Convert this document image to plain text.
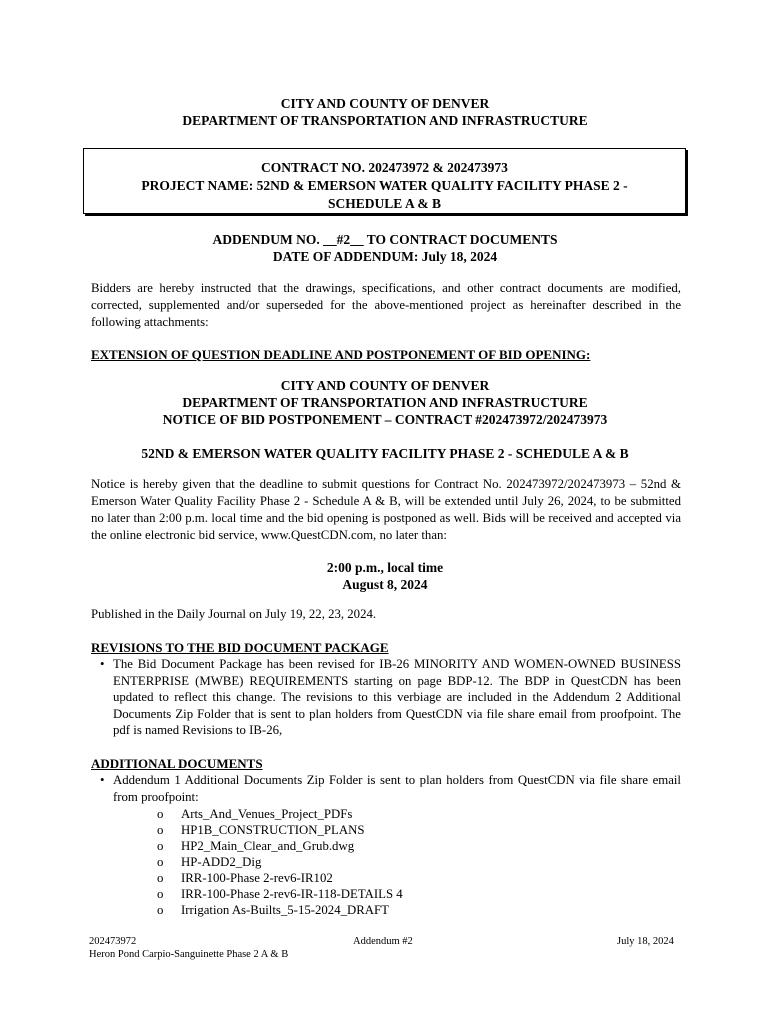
CITY AND COUNTY OF DENVER
DEPARTMENT OF TRANSPORTATION AND INFRASTRUCTURE
CONTRACT NO. 202473972 & 202473973
PROJECT NAME: 52ND & EMERSON WATER QUALITY FACILITY PHASE 2 -
SCHEDULE A & B
ADDENDUM NO. __#2__ TO CONTRACT DOCUMENTS
DATE OF ADDENDUM: July 18, 2024
Bidders are hereby instructed that the drawings, specifications, and other contract documents are modified, corrected, supplemented and/or superseded for the above-mentioned project as hereinafter described in the following attachments:
EXTENSION OF QUESTION DEADLINE AND POSTPONEMENT OF BID OPENING:
CITY AND COUNTY OF DENVER
DEPARTMENT OF TRANSPORTATION AND INFRASTRUCTURE
NOTICE OF BID POSTPONEMENT – CONTRACT #202473972/202473973
52ND & EMERSON WATER QUALITY FACILITY PHASE 2 - SCHEDULE A & B
Notice is hereby given that the deadline to submit questions for Contract No. 202473972/202473973 – 52nd & Emerson Water Quality Facility Phase 2 - Schedule A & B, will be extended until July 26, 2024, to be submitted no later than 2:00 p.m. local time and the bid opening is postponed as well. Bids will be received and accepted via the online electronic bid service, www.QuestCDN.com, no later than:
2:00 p.m., local time
August 8, 2024
Published in the Daily Journal on July 19, 22, 23, 2024.
REVISIONS TO THE BID DOCUMENT PACKAGE
• The Bid Document Package has been revised for IB-26 MINORITY AND WOMEN-OWNED BUSINESS ENTERPRISE (MWBE) REQUIREMENTS starting on page BDP-12. The BDP in QuestCDN has been updated to reflect this change. The revisions to this verbiage are included in the Addendum 2 Additional Documents Zip Folder that is sent to plan holders from QuestCDN via file share email from proofpoint. The pdf is named Revisions to IB-26,
ADDITIONAL DOCUMENTS
• Addendum 1 Additional Documents Zip Folder is sent to plan holders from QuestCDN via file share email from proofpoint:
o Arts_And_Venues_Project_PDFs
o HP1B_CONSTRUCTION_PLANS
o HP2_Main_Clear_and_Grub.dwg
o HP-ADD2_Dig
o IRR-100-Phase 2-rev6-IR102
o IRR-100-Phase 2-rev6-IR-118-DETAILS 4
o Irrigation As-Builts_5-15-2024_DRAFT
202473972
Heron Pond Carpio-Sanguinette Phase 2 A & B
Addendum #2	July 18, 2024
